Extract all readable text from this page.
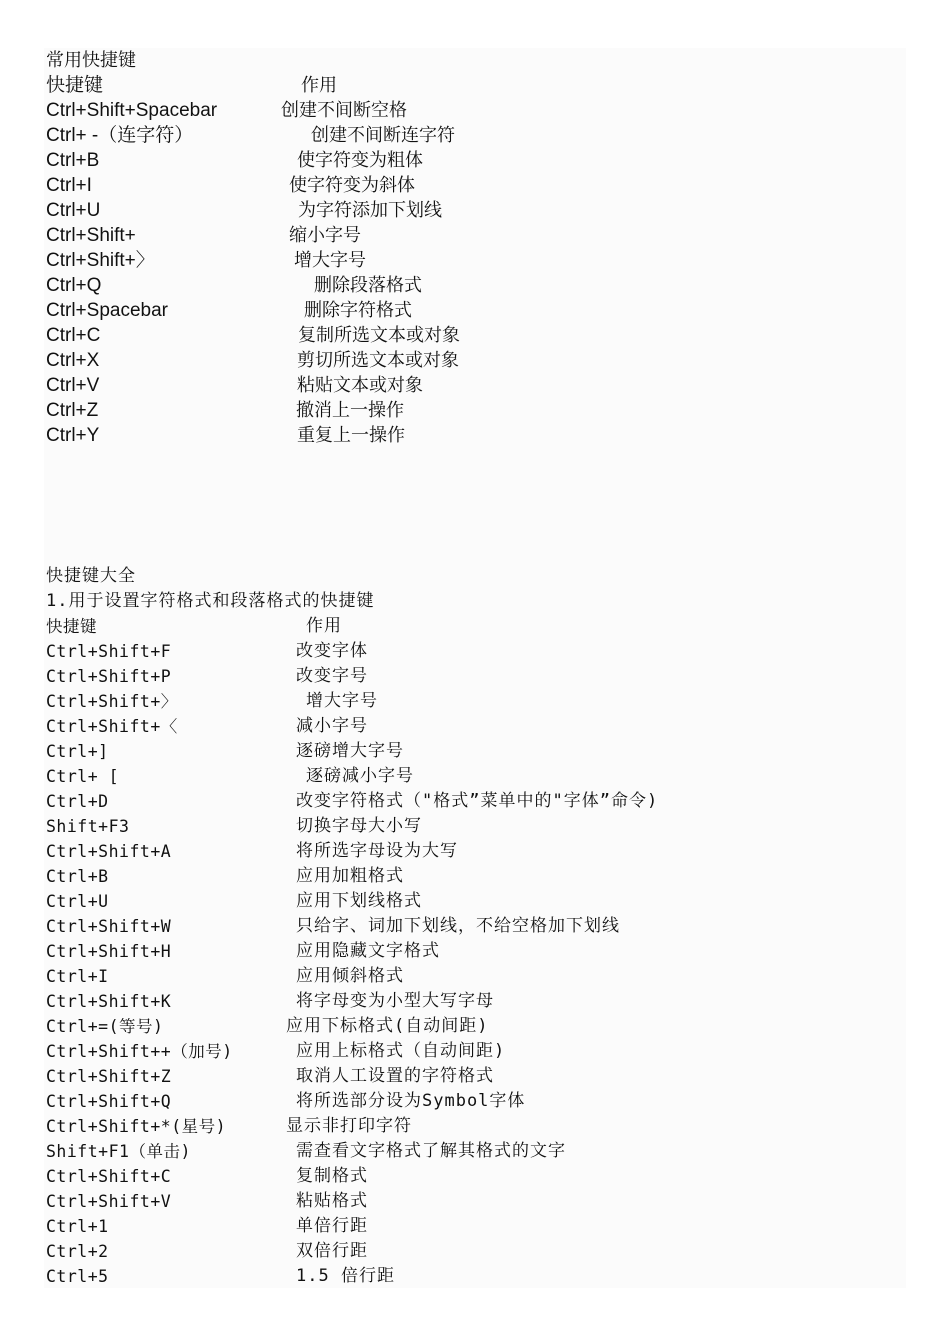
常用快捷键
快捷键	作用
Ctrl+Shift+Spacebar	创建不间断空格
Ctrl+ -（连字符）	创建不间断连字符
Ctrl+B	使字符变为粗体
Ctrl+I	使字符变为斜体
Ctrl+U	为字符添加下划线
Ctrl+Shift+	缩小字号
Ctrl+Shift+〉	增大字号
Ctrl+Q	删除段落格式
Ctrl+Spacebar	删除字符格式
Ctrl+C	复制所选文本或对象
Ctrl+X	剪切所选文本或对象
Ctrl+V	粘贴文本或对象
Ctrl+Z	撤消上一操作
Ctrl+Y	重复上一操作
快捷键大全
1.用于设置字符格式和段落格式的快捷键
快捷键	作用
Ctrl+Shift+F	改变字体
Ctrl+Shift+P	改变字号
Ctrl+Shift+〉	增大字号
Ctrl+Shift+〈	减小字号
Ctrl+]	逐磅增大字号
Ctrl+ [	逐磅减小字号
Ctrl+D	改变字符格式（"格式”菜单中的"字体”命令)
Shift+F3	切换字母大小写
Ctrl+Shift+A	将所选字母设为大写
Ctrl+B	应用加粗格式
Ctrl+U	应用下划线格式
Ctrl+Shift+W	只给字、词加下划线，不给空格加下划线
Ctrl+Shift+H	应用隐藏文字格式
Ctrl+I	应用倾斜格式
Ctrl+Shift+K	将字母变为小型大写字母
Ctrl+=(等号)	应用下标格式(自动间距)
Ctrl+Shift++（加号)	应用上标格式（自动间距)
Ctrl+Shift+Z	取消人工设置的字符格式
Ctrl+Shift+Q	将所选部分设为Symbol字体
Ctrl+Shift+*(星号)	显示非打印字符
Shift+F1（单击)	需查看文字格式了解其格式的文字
Ctrl+Shift+C	复制格式
Ctrl+Shift+V	粘贴格式
Ctrl+1	单倍行距
Ctrl+2	双倍行距
Ctrl+5	1.5 倍行距
